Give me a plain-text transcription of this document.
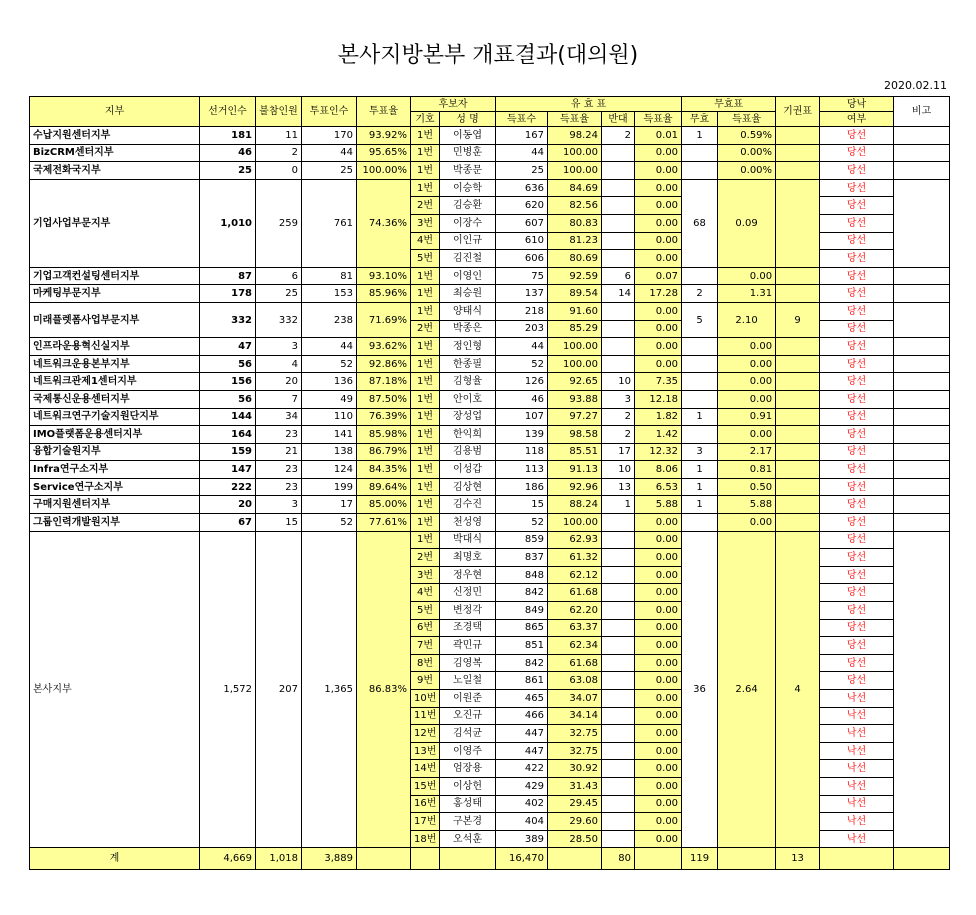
본사지방본부 개표결과(대의원)
2020.02.11
지부	선거인수	불참인원	투표인수	투표율	후보자		유 효 표				무효표		기권표	당낙	비고
					기호	성 명	득표수	득표율	반대	득표율	무효	득표율		여부	
수납지원센터지부	181	11	170	93.92%	1번	이동엽	167	98.24	2	0.01	1	0.59%		당선	
BizCRM센터지부	46	2	44	95.65%	1번	민병훈	44	100.00		0.00		0.00%		당선	
국제전화국지부	25	0	25	100.00%	1번	박종문	25	100.00		0.00		0.00%		당선	
기업사업부문지부	1,010	259	761	74.36%	1번	이승학	636	84.69		0.00	68	0.09		당선	
					2번	김승환	620	82.56		0.00				당선	
					3번	이장수	607	80.83		0.00				당선	
					4번	이인규	610	81.23		0.00				당선	
					5번	김진철	606	80.69		0.00				당선	
기업고객컨설팅센터지부	87	6	81	93.10%	1번	이영인	75	92.59	6	0.07		0.00		당선	
마케팅부문지부	178	25	153	85.96%	1번	최승원	137	89.54	14	17.28	2	1.31		당선	
미래플렛폼사업부문지부	332	332	238	71.69%	1번	양태식	218	91.60		0.00	5	2.10	9	당선	
					2번	박종은	203	85.29		0.00				당선	
인프라운용혁신실지부	47	3	44	93.62%	1번	정인형	44	100.00		0.00		0.00		당선	
네트워크운용본부지부	56	4	52	92.86%	1번	한종필	52	100.00		0.00		0.00		당선	
네트워크관제1센터지부	156	20	136	87.18%	1번	김형율	126	92.65	10	7.35		0.00		당선	
국제통신운용센터지부	56	7	49	87.50%	1번	안이호	46	93.88	3	12.18		0.00		당선	
네트워크연구기술지원단지부	144	34	110	76.39%	1번	장성업	107	97.27	2	1.82	1	0.91		당선	
IMO플랫폼운용센터지부	164	23	141	85.98%	1번	한익희	139	98.58	2	1.42		0.00		당선	
융합기술원지부	159	21	138	86.79%	1번	김용범	118	85.51	17	12.32	3	2.17		당선	
Infra연구소지부	147	23	124	84.35%	1번	이성갑	113	91.13	10	8.06	1	0.81		당선	
Service연구소지부	222	23	199	89.64%	1번	김상현	186	92.96	13	6.53	1	0.50		당선	
구매지원센터지부	20	3	17	85.00%	1번	김수진	15	88.24	1	5.88	1	5.88		당선	
그룹인력개발원지부	67	15	52	77.61%	1번	천성영	52	100.00		0.00		0.00		당선	
본사지부	1,572	207	1,365	86.83%	1번	박대식	859	62.93		0.00	36	2.64	4	당선	
					2번	최명호	837	61.32		0.00				당선	
					3번	정우현	848	62.12		0.00				당선	
					4번	신정민	842	61.68		0.00				당선	
					5번	변정각	849	62.20		0.00				당선	
					6번	조경택	865	63.37		0.00				당선	
					7번	곽민규	851	62.34		0.00				당선	
					8번	김영복	842	61.68		0.00				당선	
					9번	노일철	861	63.08		0.00				당선	
					10번	이원준	465	34.07		0.00				낙선	
					11번	오진규	466	34.14		0.00				낙선	
					12번	김석균	447	32.75		0.00				낙선	
					13번	이영주	447	32.75		0.00				낙선	
					14번	엄장용	422	30.92		0.00				낙선	
					15번	이상헌	429	31.43		0.00				낙선	
					16번	홍성태	402	29.45		0.00				낙선	
					17번	구본경	404	29.60		0.00				낙선	
					18번	오석훈	389	28.50		0.00				낙선	
계	4,669	1,018	3,889				16,470		80		119		13		
